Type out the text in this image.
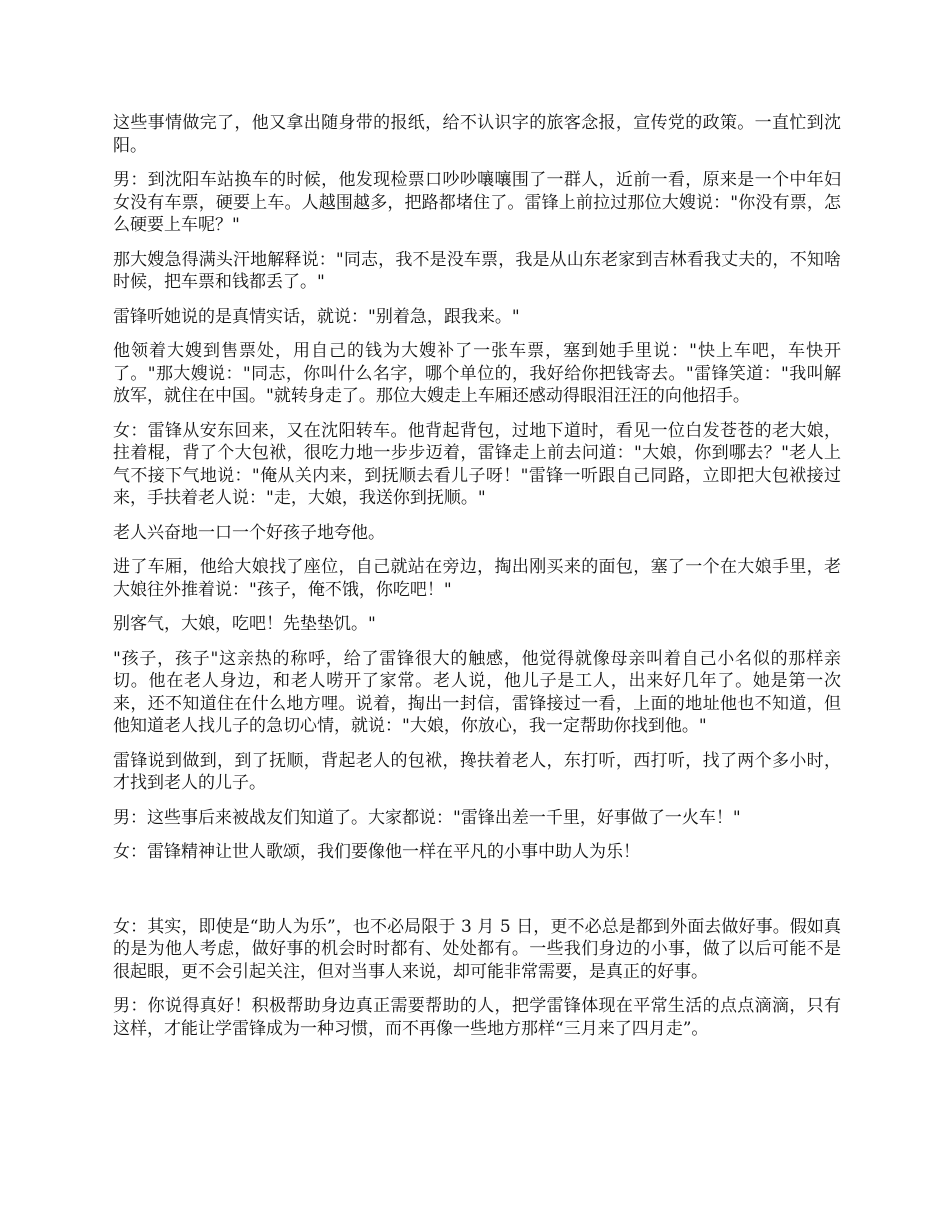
这些事情做完了，他又拿出随身带的报纸，给不认识字的旅客念报，宣传党的政策。一直忙到沈阳。

男：到沈阳车站换车的时候，他发现检票口吵吵嚷嚷围了一群人，近前一看，原来是一个中年妇女没有车票，硬要上车。人越围越多，把路都堵住了。雷锋上前拉过那位大嫂说："你没有票，怎么硬要上车呢？"

那大嫂急得满头汗地解释说："同志，我不是没车票，我是从山东老家到吉林看我丈夫的，不知啥时候，把车票和钱都丢了。"

雷锋听她说的是真情实话，就说："别着急，跟我来。"

他领着大嫂到售票处，用自己的钱为大嫂补了一张车票，塞到她手里说："快上车吧，车快开了。"那大嫂说："同志，你叫什么名字，哪个单位的，我好给你把钱寄去。"雷锋笑道："我叫解放军，就住在中国。"就转身走了。那位大嫂走上车厢还感动得眼泪汪汪的向他招手。

女：雷锋从安东回来，又在沈阳转车。他背起背包，过地下道时，看见一位白发苍苍的老大娘，拄着棍，背了个大包袱，很吃力地一步步迈着，雷锋走上前去问道："大娘，你到哪去？"老人上气不接下气地说："俺从关内来，到抚顺去看儿子呀！"雷锋一听跟自己同路，立即把大包袱接过来，手扶着老人说："走，大娘，我送你到抚顺。"

老人兴奋地一口一个好孩子地夸他。

进了车厢，他给大娘找了座位，自己就站在旁边，掏出刚买来的面包，塞了一个在大娘手里，老大娘往外推着说："孩子，俺不饿，你吃吧！"

别客气，大娘，吃吧！先垫垫饥。"

"孩子，孩子"这亲热的称呼，给了雷锋很大的触感，他觉得就像母亲叫着自己小名似的那样亲切。他在老人身边，和老人唠开了家常。老人说，他儿子是工人，出来好几年了。她是第一次来，还不知道住在什么地方哩。说着，掏出一封信，雷锋接过一看，上面的地址他也不知道，但他知道老人找儿子的急切心情，就说："大娘，你放心，我一定帮助你找到他。"

雷锋说到做到，到了抚顺，背起老人的包袱，搀扶着老人，东打听，西打听，找了两个多小时，才找到老人的儿子。

男：这些事后来被战友们知道了。大家都说："雷锋出差一千里，好事做了一火车！"

女：雷锋精神让世人歌颂，我们要像他一样在平凡的小事中助人为乐！

女：其实，即使是“助人为乐”，也不必局限于 3 月 5 日，更不必总是都到外面去做好事。假如真的是为他人考虑，做好事的机会时时都有、处处都有。一些我们身边的小事，做了以后可能不是很起眼，更不会引起关注，但对当事人来说，却可能非常需要，是真正的好事。

男：你说得真好！积极帮助身边真正需要帮助的人，把学雷锋体现在平常生活的点点滴滴，只有这样，才能让学雷锋成为一种习惯，而不再像一些地方那样“三月来了四月走”。
